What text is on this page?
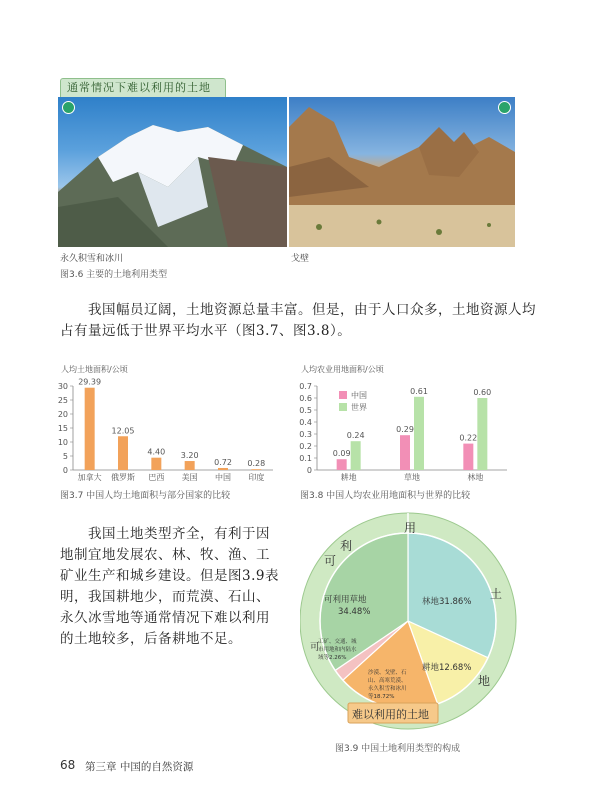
通常情况下难以利用的土地
永久积雪和冰川	戈壁
图3.6 主要的土地利用类型
我国幅员辽阔，土地资源总量丰富。但是，由于人口众多，土地资源人均
占有量远低于世界平均水平（图3.7、图3.8）。
人均土地面积/公顷
0
5
10
15
20
25
30 29.39
加拿大
12.05
俄罗斯
4.40
巴西
3.20
美国
0.72
中国
0.28
印度
图3.7 中国人均土地面积与部分国家的比较
人均农业用地面积/公顷
0
0.1
0.2
0.3
0.4
0.5
0.6
0.7
0.09
0.24
耕地
0.29
0.61
草地
0.22
0.60
林地
中国
世界
图3.8 中国人均农业用地面积与世界的比较
我国土地类型齐全，有利于因
地制宜地发展农、林、牧、渔、工
矿业生产和城乡建设。但是图3.9表
明，我国耕地少，而荒漠、石山、
永久冰雪地等通常情况下难以利用
的土地较多，后备耕地不足。
用
土
地
利
可
可
可利用草地
34.48%
林地31.86%
耕地12.68%
工矿、交通、城
市用地和内陆水
域等2.26%
沙漠、戈壁、石
山、高寒荒漠、
永久积雪和冰川
等18.72%
难以利用的土地
图3.9 中国土地利用类型的构成
68 第三章 中国的自然资源
